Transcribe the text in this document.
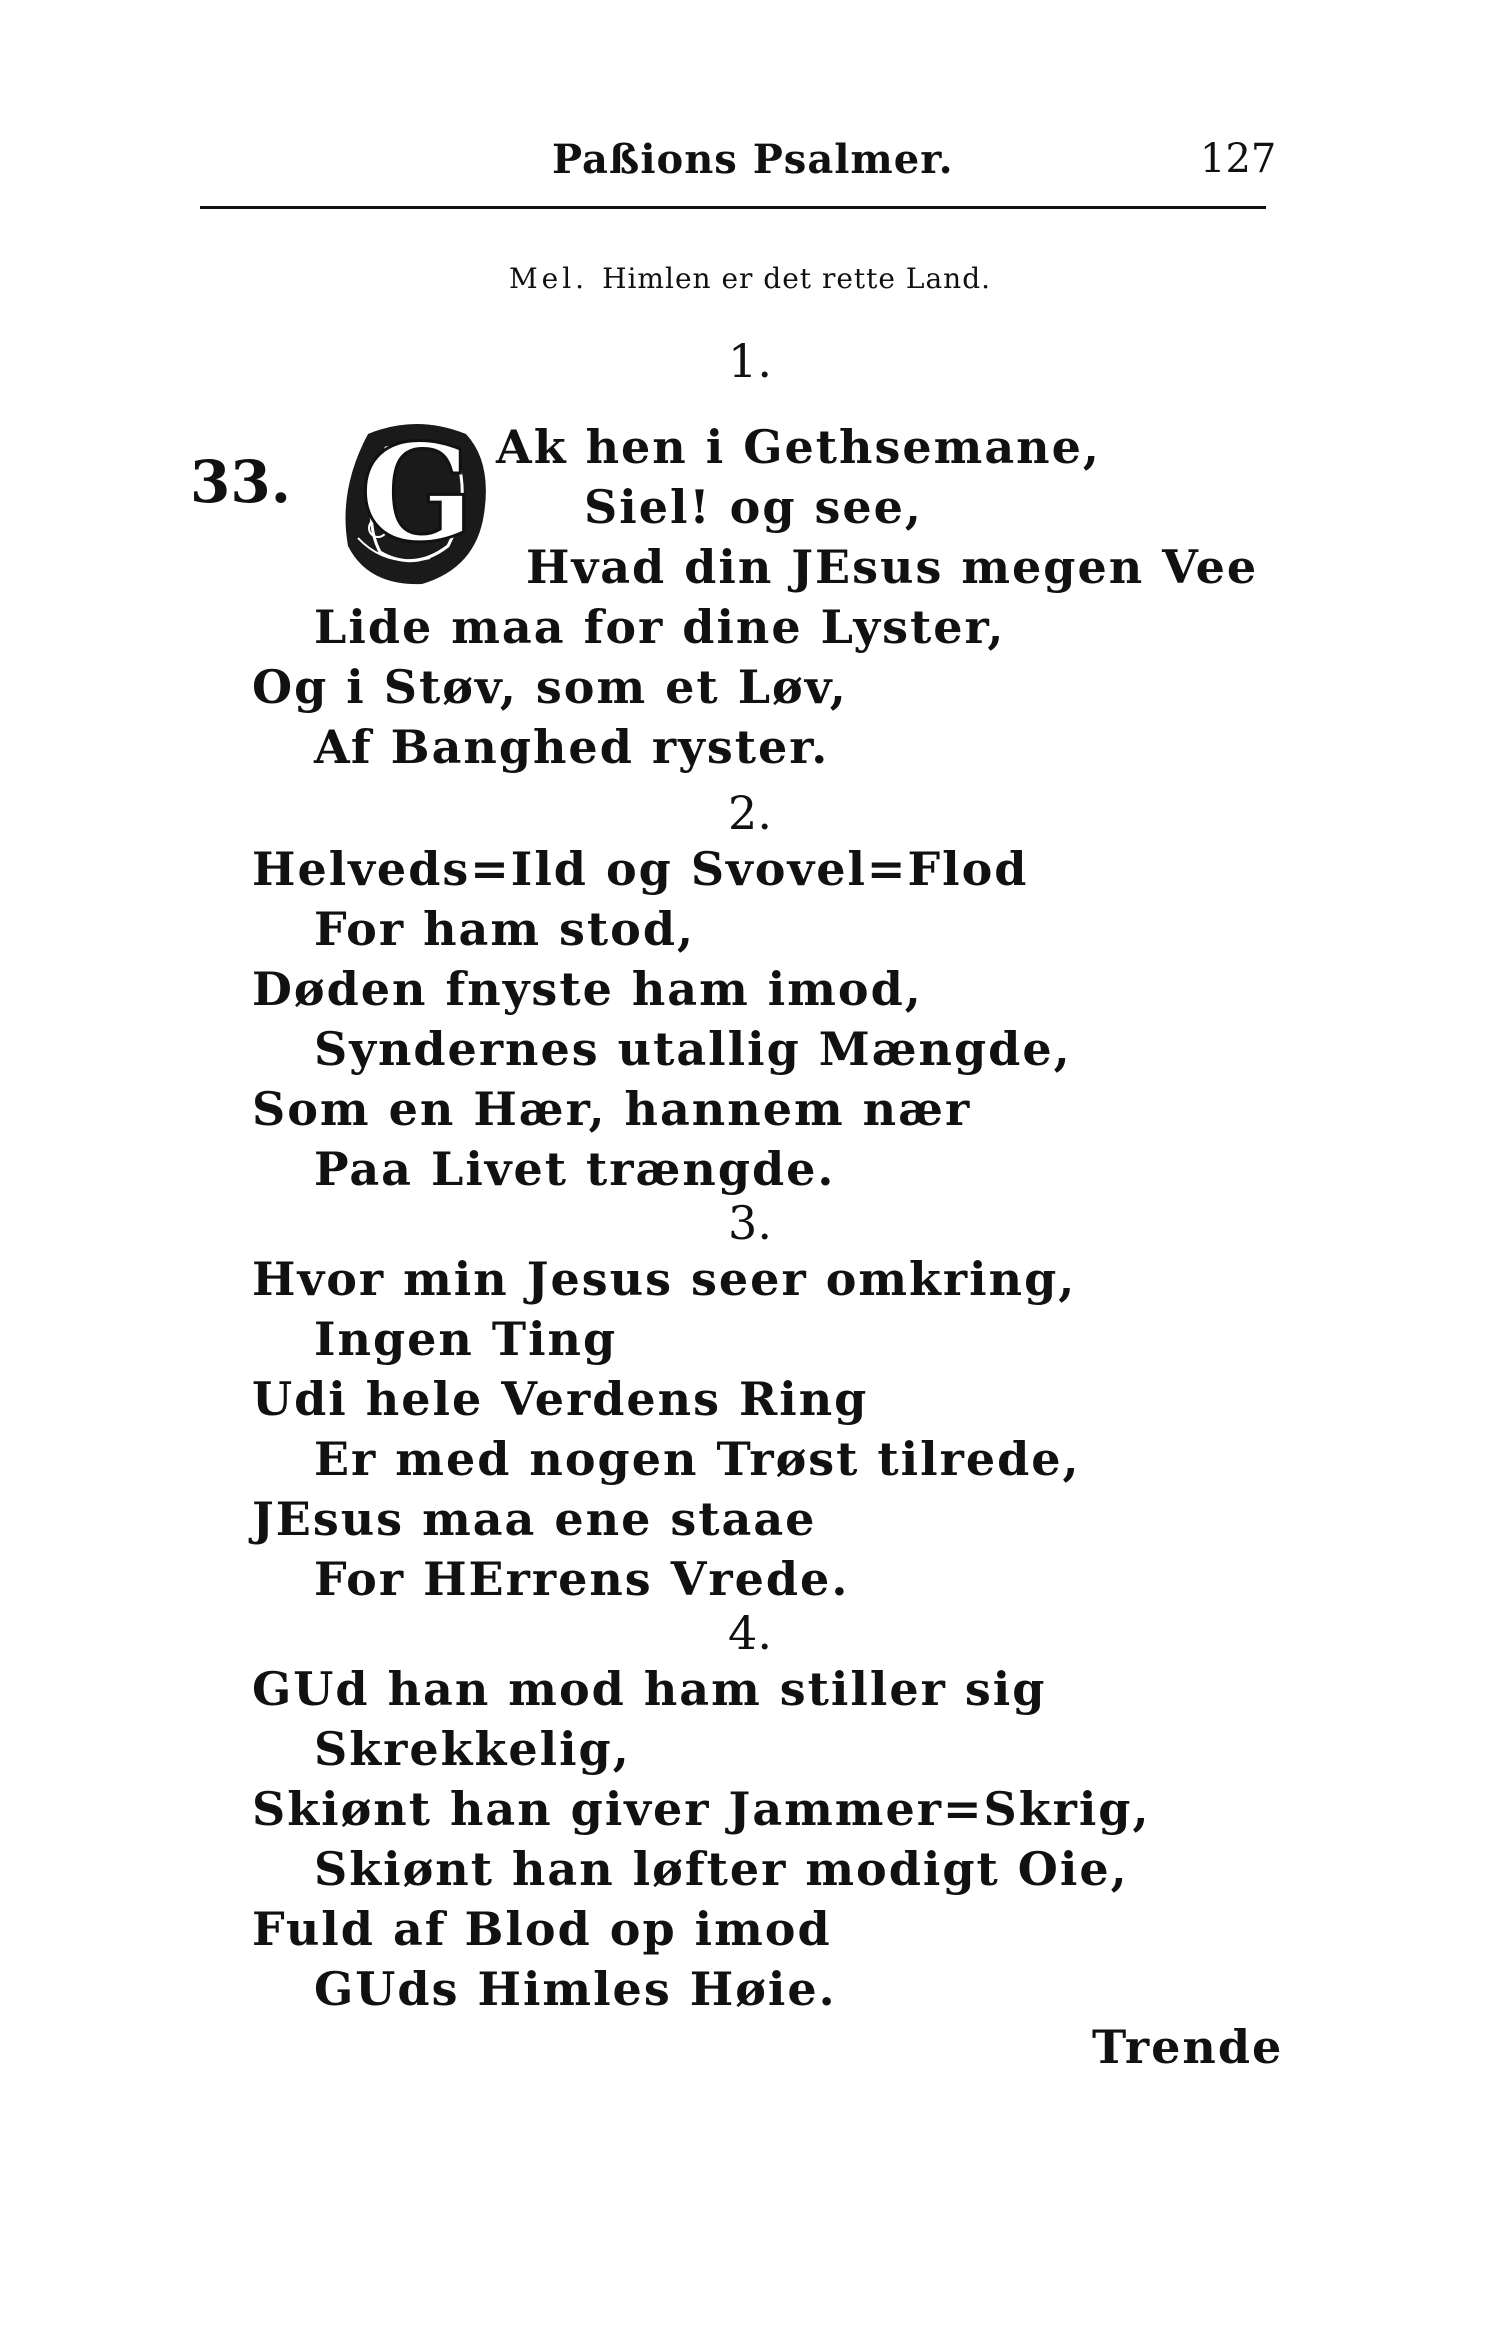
Paßions Psalmer.	127
Mel. Himlen er det rette Land.
33. G
1.
Ak hen i Gethsemane,
Siel! og see,
Hvad din JEsus megen Vee
Lide maa for dine Lyster,
Og i Støv, som et Løv,
Af Banghed ryster.
2.
Helveds=Ild og Svovel=Flod
For ham stod,
Døden fnyste ham imod,
Syndernes utallig Mængde,
Som en Hær, hannem nær
Paa Livet trængde.
3.
Hvor min Jesus seer omkring,
Ingen Ting
Udi hele Verdens Ring
Er med nogen Trøst tilrede,
JEsus maa ene staae
For HErrens Vrede.
4.
GUd han mod ham stiller sig
Skrekkelig,
Skiønt han giver Jammer=Skrig,
Skiønt han løfter modigt Oie,
Fuld af Blod op imod
GUds Himles Høie.
Trende
